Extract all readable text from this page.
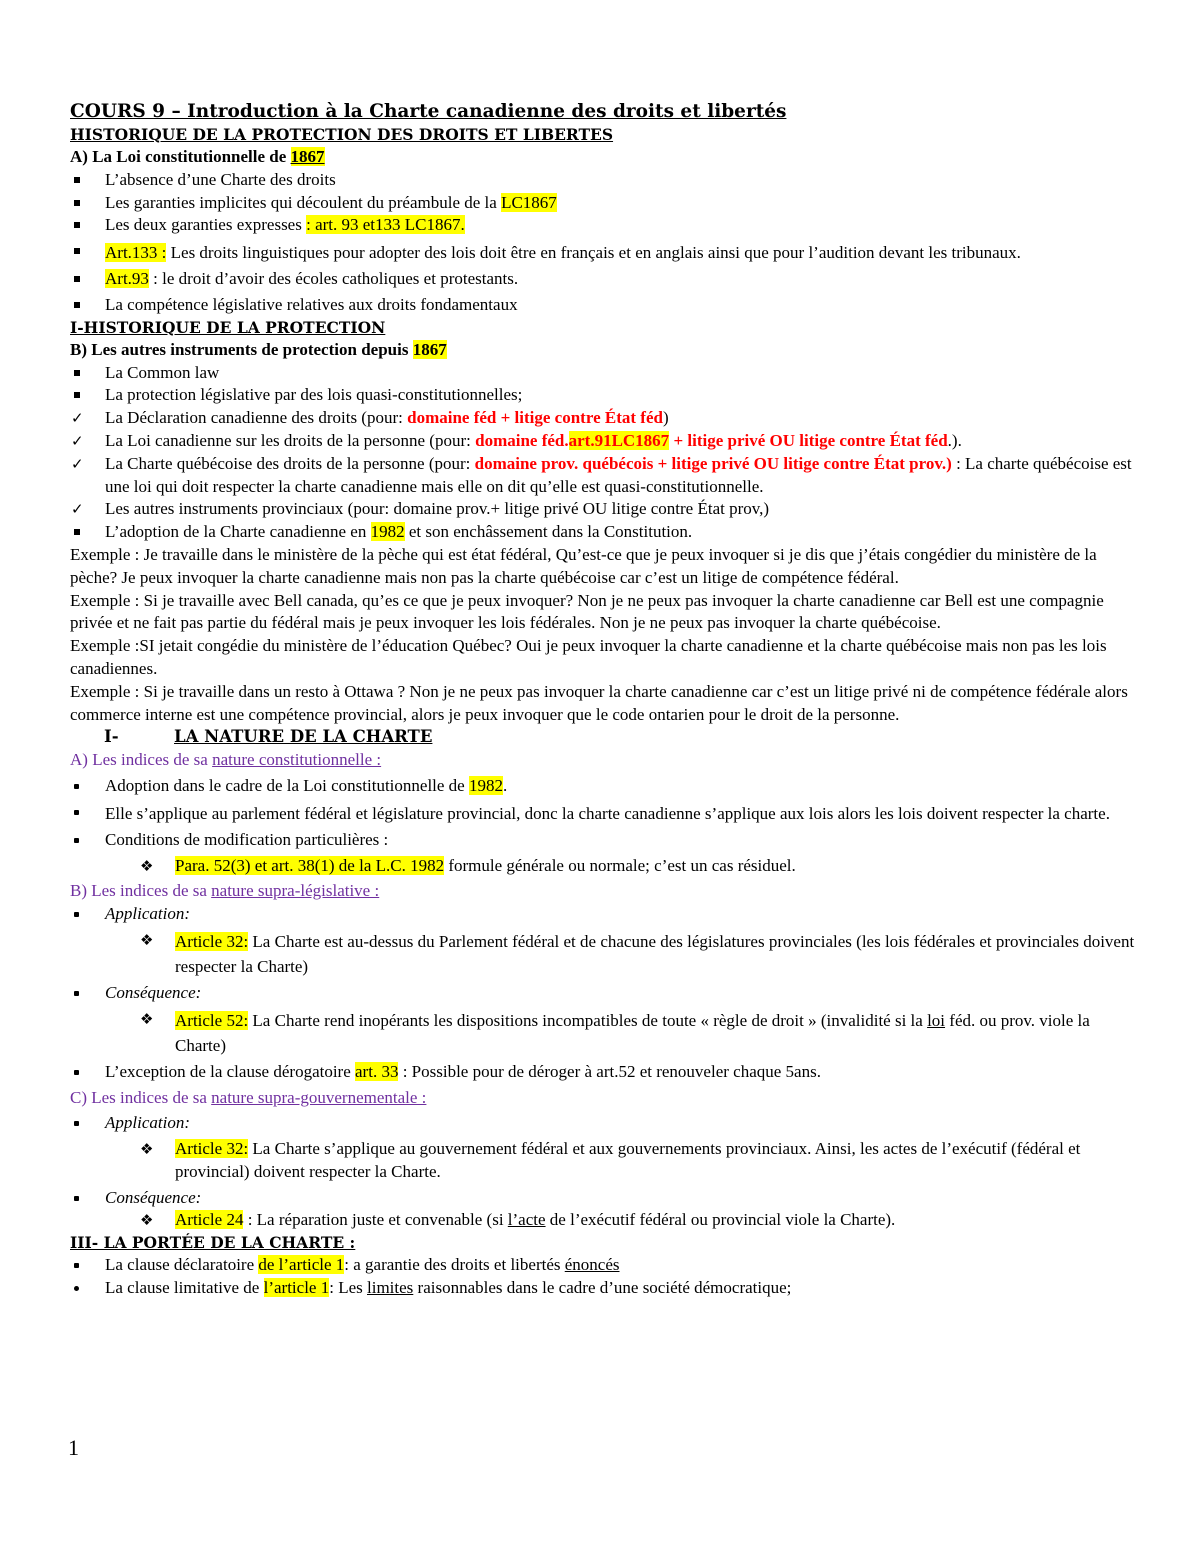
COURS 9 – Introduction à la Charte canadienne des droits et libertés
HISTORIQUE DE LA PROTECTION DES DROITS ET LIBERTES
A) La Loi constitutionnelle de 1867
L’absence d’une Charte des droits
Les garanties implicites qui découlent du préambule de la LC1867
Les deux garanties expresses : art. 93 et133 LC1867.
Art.133 : Les droits linguistiques pour adopter des lois doit être en français et en anglais ainsi que pour l’audition devant les tribunaux.
Art.93 : le droit d’avoir des écoles catholiques et protestants.
La compétence législative relatives aux droits fondamentaux
I-HISTORIQUE DE LA PROTECTION
B) Les autres instruments de protection depuis 1867
La Common law
La protection législative par des lois quasi-constitutionnelles;
✓	La Déclaration canadienne des droits (pour: domaine féd + litige contre État féd)
✓	La Loi canadienne sur les droits de la personne (pour: domaine féd.art.91LC1867 + litige privé OU litige contre État féd.).
✓	La Charte québécoise des droits de la personne (pour: domaine prov. québécois + litige privé OU litige contre État prov.) : La charte québécoise est une loi qui doit respecter la charte canadienne mais elle on dit qu’elle est quasi-constitutionnelle.
✓	Les autres instruments provinciaux (pour: domaine prov.+ litige privé OU litige contre État prov,)
L’adoption de la Charte canadienne en 1982 et son enchâssement dans la Constitution.
Exemple : Je travaille dans le ministère de la pèche qui est état fédéral, Qu’est-ce que je peux invoquer si je dis que j’étais congédier du ministère de la pèche? Je peux invoquer la charte canadienne mais non pas la charte québécoise car c’est un litige de compétence fédéral.
Exemple : Si je travaille avec Bell canada, qu’es ce que je peux invoquer? Non je ne peux pas invoquer la charte canadienne car Bell est une compagnie privée et ne fait pas partie du fédéral mais je peux invoquer les lois fédérales. Non je ne peux pas invoquer la charte québécoise.
Exemple :SI jetait congédie du ministère de l’éducation Québec? Oui je peux invoquer la charte canadienne et la charte québécoise mais non pas les lois canadiennes.
Exemple : Si je travaille dans un resto à Ottawa ? Non je ne peux pas invoquer la charte canadienne car c’est un litige privé ni de compétence fédérale alors commerce interne est une compétence provincial, alors je peux invoquer que le code ontarien pour le droit de la personne.
I-	LA NATURE DE LA CHARTE
A) Les indices de sa nature constitutionnelle :
Adoption dans le cadre de la Loi constitutionnelle de 1982.
Elle s’applique au parlement fédéral et législature provincial, donc la charte canadienne s’applique aux lois alors les lois doivent respecter la charte.
Conditions de modification particulières :
❖	Para. 52(3) et art. 38(1) de la L.C. 1982 formule générale ou normale; c’est un cas résiduel.
B) Les indices de sa nature supra-législative :
Application:
❖	Article 32: La Charte est au-dessus du Parlement fédéral et de chacune des législatures provinciales (les lois fédérales et provinciales doivent respecter la Charte)
Conséquence:
❖	Article 52: La Charte rend inopérants les dispositions incompatibles de toute « règle de droit » (invalidité si la loi féd. ou prov. viole la Charte)
L’exception de la clause dérogatoire art. 33 : Possible pour de déroger à art.52 et renouveler chaque 5ans.
C) Les indices de sa nature supra-gouvernementale :
Application:
❖	Article 32: La Charte s’applique au gouvernement fédéral et aux gouvernements provinciaux. Ainsi, les actes de l’exécutif (fédéral et provincial) doivent respecter la Charte.
Conséquence:
❖	Article 24 : La réparation juste et convenable (si l’acte de l’exécutif fédéral ou provincial viole la Charte).
III- LA PORTÉE DE LA CHARTE :
La clause déclaratoire de l’article 1: a garantie des droits et libertés énoncés
La clause limitative de l’article 1: Les limites raisonnables dans le cadre d’une société démocratique;
1
